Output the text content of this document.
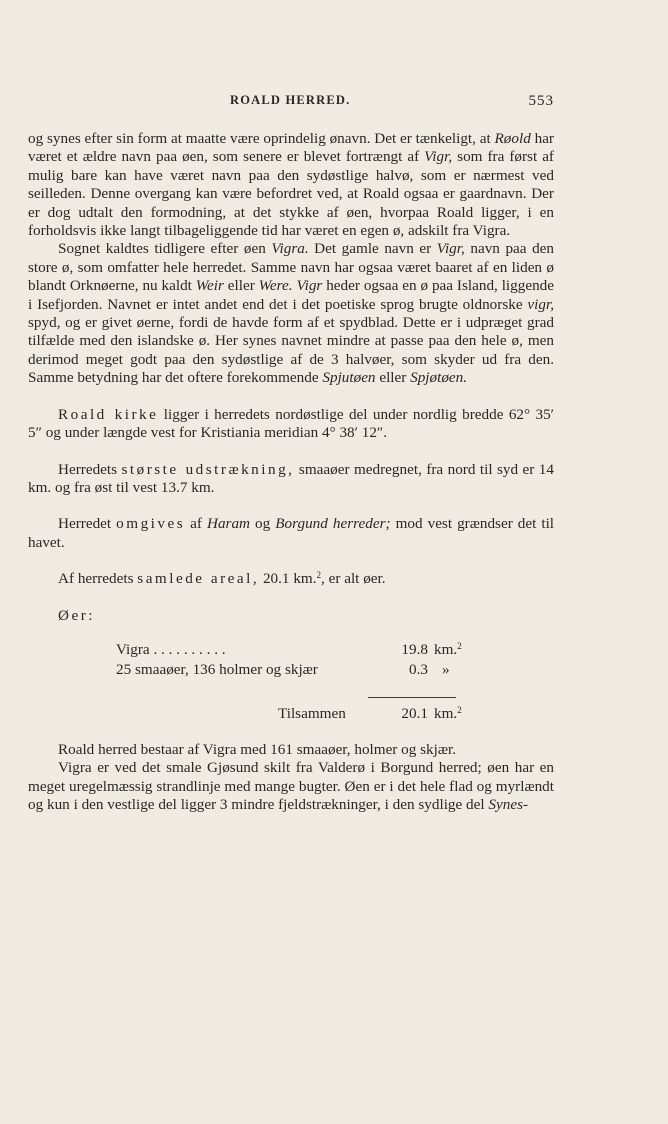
ROALD HERRED.	553

og synes efter sin form at maatte være oprindelig ønavn. Det er tænkeligt, at Røold har været et ældre navn paa øen, som senere er blevet fortrængt af Vigr, som fra først af mulig bare kan have været navn paa den sydøstlige halvø, som er nærmest ved seilleden. Denne overgang kan være befordret ved, at Roald ogsaa er gaardnavn. Der er dog udtalt den formodning, at det stykke af øen, hvorpaa Roald ligger, i en forholdsvis ikke langt tilbageliggende tid har været en egen ø, adskilt fra Vigra.

Sognet kaldtes tidligere efter øen Vigra. Det gamle navn er Vigr, navn paa den store ø, som omfatter hele herredet. Samme navn har ogsaa været baaret af en liden ø blandt Orknøerne, nu kaldt Weir eller Were. Vigr heder ogsaa en ø paa Island, liggende i Isefjorden. Navnet er intet andet end det i det poetiske sprog brugte oldnorske vigr, spyd, og er givet øerne, fordi de havde form af et spydblad. Dette er i udpræget grad tilfælde med den islandske ø. Her synes navnet mindre at passe paa den hele ø, men derimod meget godt paa den sydøstlige af de 3 halvøer, som skyder ud fra den. Samme betydning har det oftere forekommende Spjutøen eller Spjøtøen.

Roald kirke ligger i herredets nordøstlige del under nordlig bredde 62° 35′ 5″ og under længde vest for Kristiania meridian 4° 38′ 12″.

Herredets største udstrækning, smaaøer medregnet, fra nord til syd er 14 km. og fra øst til vest 13.7 km.

Herredet omgives af Haram og Borgund herreder; mod vest grændser det til havet.

Af herredets samlede areal, 20.1 km.$^2$, er alt øer.

Øer:

Vigra . . . . . . . . . .	19.8 km.$^2$
25 smaaøer, 136 holmer og skjær	0.3 »
Tilsammen	20.1 km.$^2$

Roald herred bestaar af Vigra med 161 smaaøer, holmer og skjær.

Vigra er ved det smale Gjøsund skilt fra Valderø i Borgund herred; øen har en meget uregelmæssig strandlinje med mange bugter. Øen er i det hele flad og myrlændt og kun i den vestlige del ligger 3 mindre fjeldstrækninger, i den sydlige del Synes-
